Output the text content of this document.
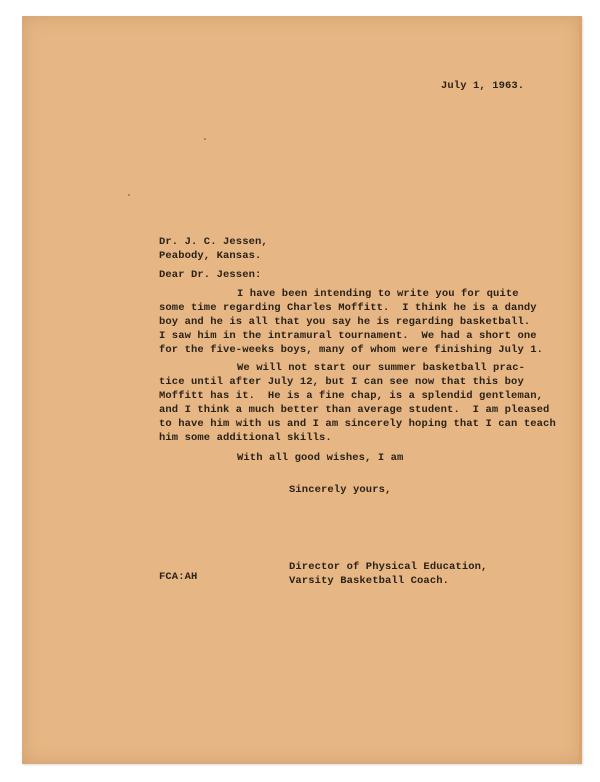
July 1, 1963.
Dr. J. C. Jessen,
Peabody, Kansas.
Dear Dr. Jessen:
I have been intending to write you for quite
some time regarding Charles Moffitt.  I think he is a dandy
boy and he is all that you say he is regarding basketball.
I saw him in the intramural tournament.  We had a short one
for the five-weeks boys, many of whom were finishing July 1.
We will not start our summer basketball prac-
tice until after July 12, but I can see now that this boy
Moffitt has it.  He is a fine chap, is a splendid gentleman,
and I think a much better than average student.  I am pleased
to have him with us and I am sincerely hoping that I can teach
him some additional skills.
With all good wishes, I am
Sincerely yours,
Director of Physical Education,
Varsity Basketball Coach.
FCA:AH
